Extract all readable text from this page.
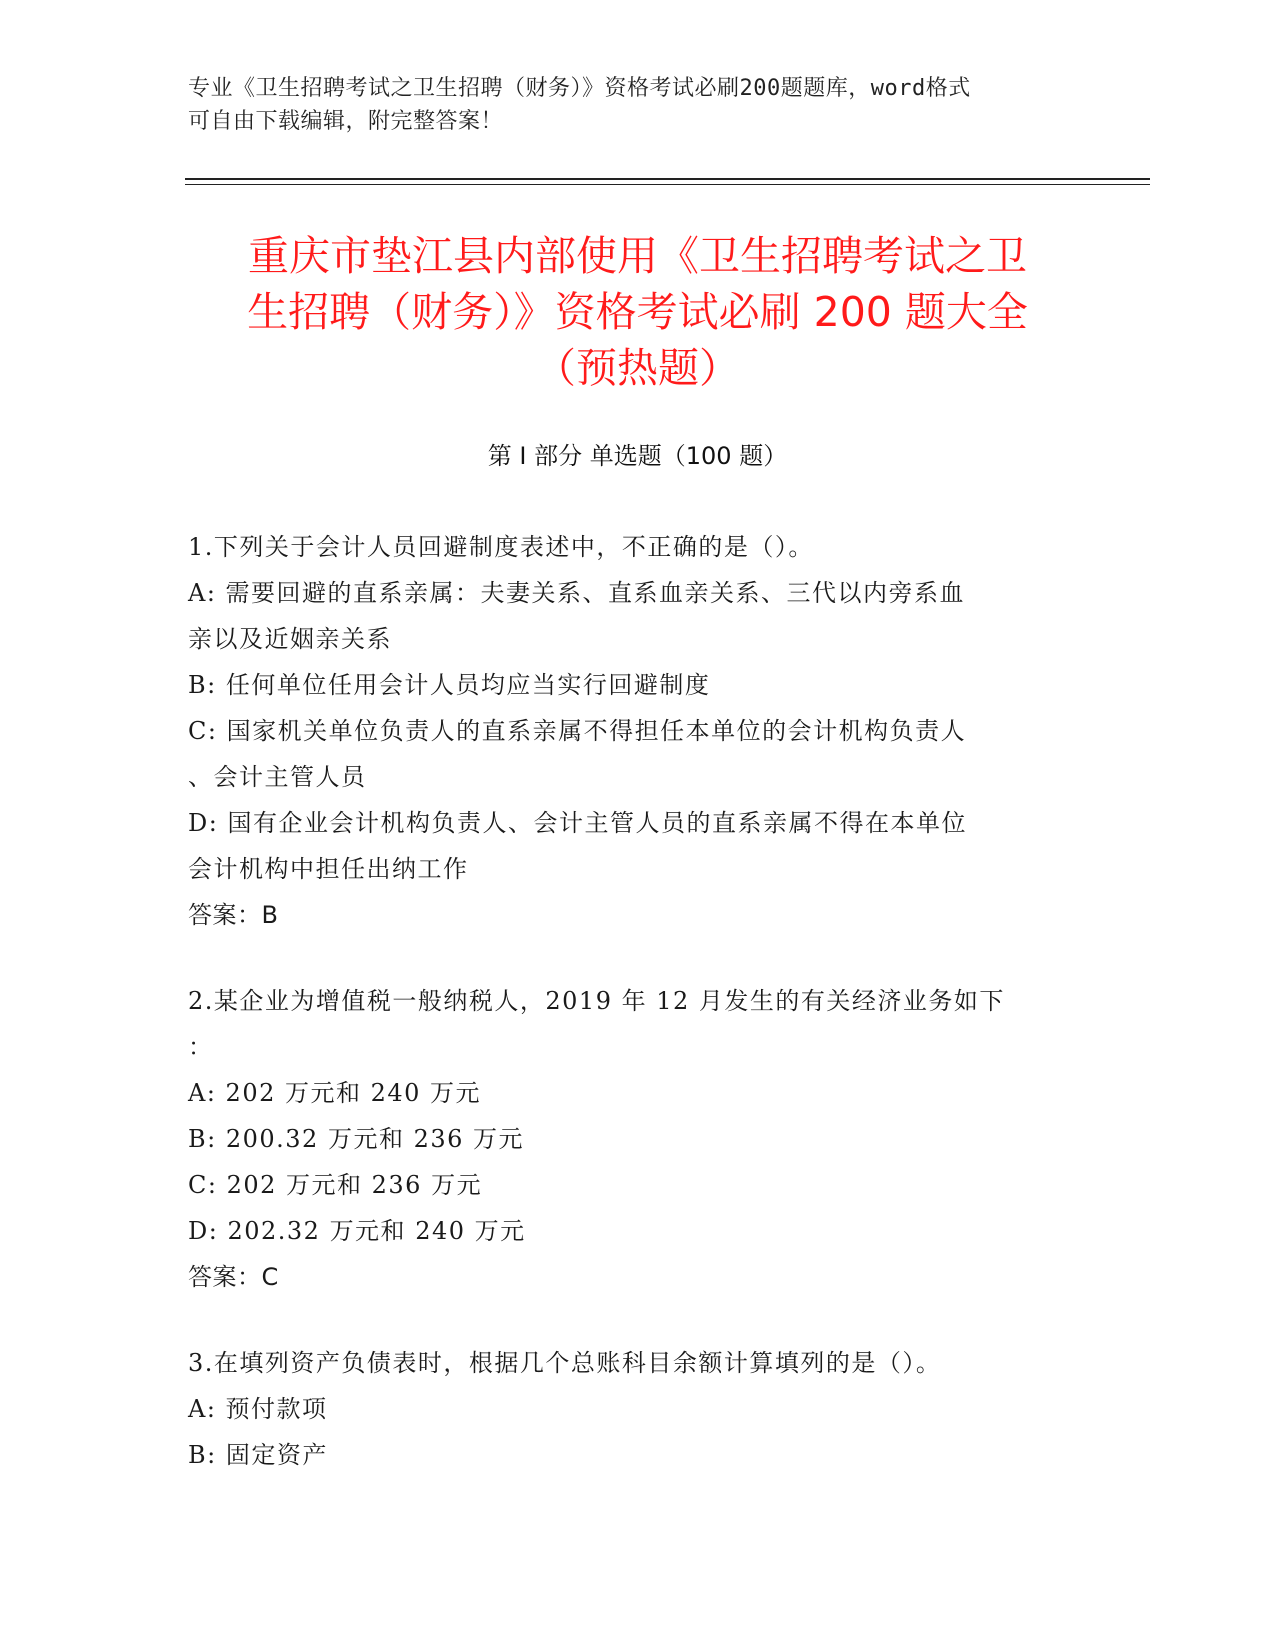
专业《卫生招聘考试之卫生招聘（财务）》资格考试必刷200题题库，word格式
可自由下载编辑，附完整答案！
重庆市垫江县内部使用《卫生招聘考试之卫
生招聘（财务）》资格考试必刷 200 题大全
（预热题）
第 I 部分 单选题（100 题）
1.下列关于会计人员回避制度表述中，不正确的是（）。
A: 需要回避的直系亲属：夫妻关系、直系血亲关系、三代以内旁系血
亲以及近姻亲关系
B: 任何单位任用会计人员均应当实行回避制度
C: 国家机关单位负责人的直系亲属不得担任本单位的会计机构负责人
、会计主管人员
D: 国有企业会计机构负责人、会计主管人员的直系亲属不得在本单位
会计机构中担任出纳工作
答案：B
2.某企业为增值税一般纳税人，2019 年 12 月发生的有关经济业务如下
：
A: 202 万元和 240 万元
B: 200.32 万元和 236 万元
C: 202 万元和 236 万元
D: 202.32 万元和 240 万元
答案：C
3.在填列资产负债表时，根据几个总账科目余额计算填列的是（）。
A: 预付款项
B: 固定资产
